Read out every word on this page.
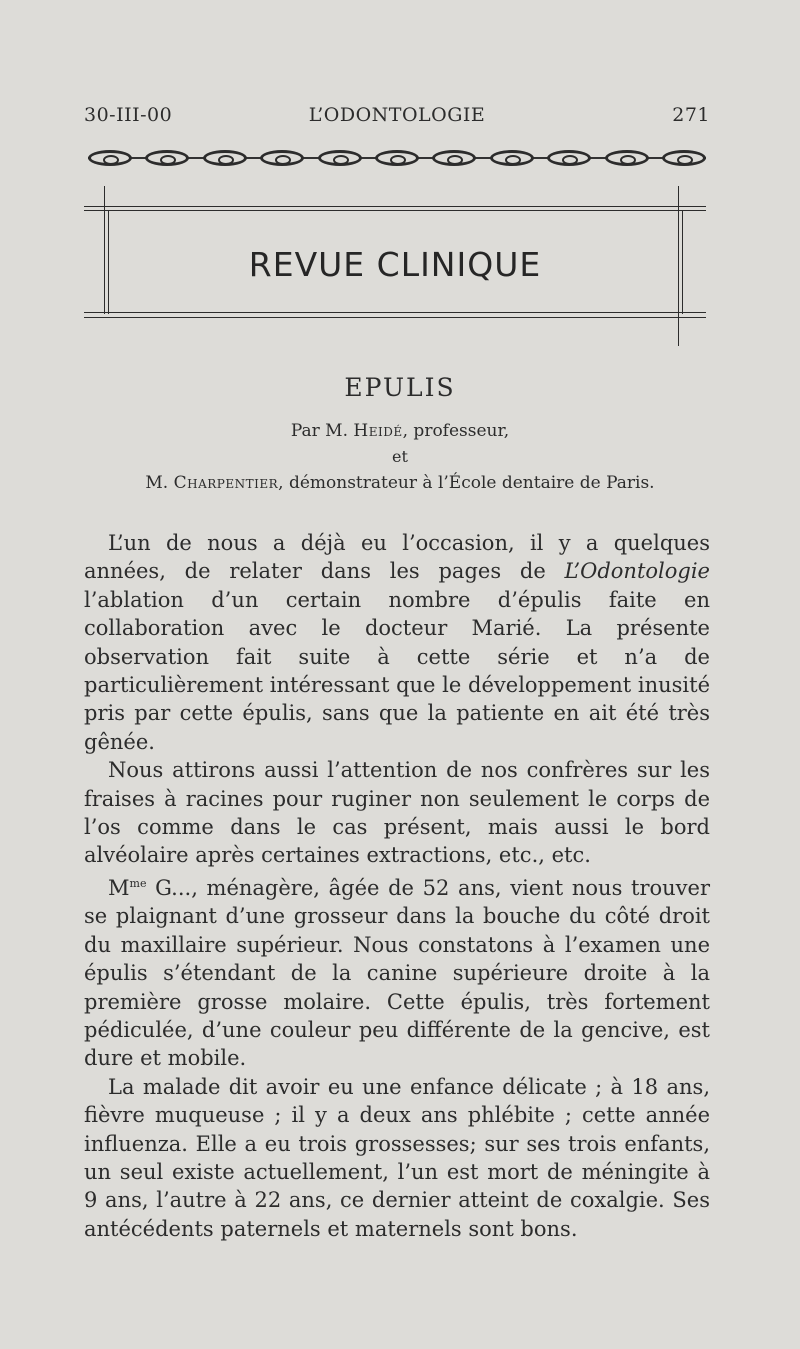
30-III-00	L’ODONTOLOGIE	271
REVUE CLINIQUE
EPULIS
Par M. Heidé, professeur,
et
M. Charpentier, démonstrateur à l’École dentaire de Paris.

L’un de nous a déjà eu l’occasion, il y a quelques années, de relater dans les pages de L’Odontologie l’ablation d’un certain nombre d’épulis faite en collaboration avec le docteur Marié. La présente observation fait suite à cette série et n’a de particulièrement intéressant que le développement inusité pris par cette épulis, sans que la patiente en ait été très gênée.

Nous attirons aussi l’attention de nos confrères sur les fraises à racines pour ruginer non seulement le corps de l’os comme dans le cas présent, mais aussi le bord alvéolaire après certaines extractions, etc., etc.

$M^{me}$ G..., ménagère, âgée de 52 ans, vient nous trouver se plaignant d’une grosseur dans la bouche du côté droit du maxillaire supérieur. Nous constatons à l’examen une épulis s’étendant de la canine supérieure droite à la première grosse molaire. Cette épulis, très fortement pédiculée, d’une couleur peu différente de la gencive, est dure et mobile.

La malade dit avoir eu une enfance délicate ; à 18 ans, fièvre muqueuse ; il y a deux ans phlébite ; cette année influenza. Elle a eu trois grossesses; sur ses trois enfants, un seul existe actuellement, l’un est mort de méningite à 9 ans, l’autre à 22 ans, ce dernier atteint de coxalgie. Ses antécédents paternels et maternels sont bons.
